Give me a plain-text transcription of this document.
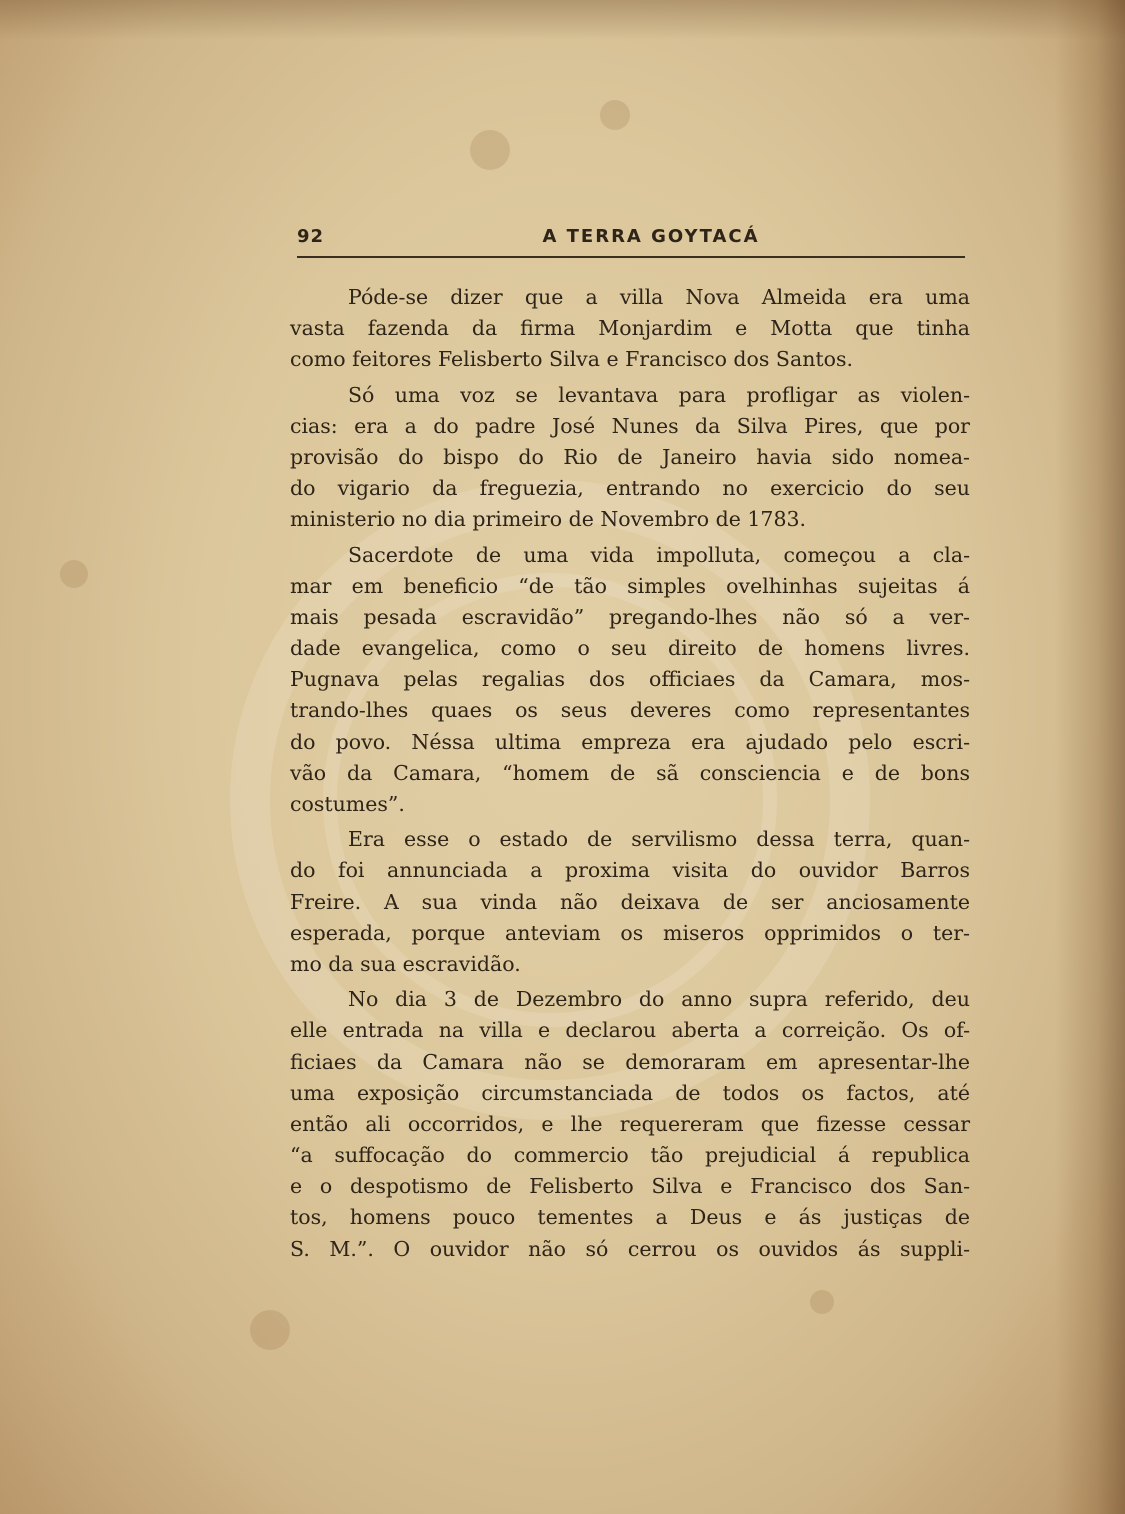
92	A TERRA GOYTACÁ
Póde-se dizer que a villa Nova Almeida era uma
vasta fazenda da firma Monjardim e Motta que tinha
como feitores Felisberto Silva e Francisco dos Santos.
Só uma voz se levantava para profligar as violen-
cias: era a do padre José Nunes da Silva Pires, que por
provisão do bispo do Rio de Janeiro havia sido nomea-
do vigario da freguezia, entrando no exercicio do seu
ministerio no dia primeiro de Novembro de 1783.
Sacerdote de uma vida impolluta, começou a cla-
mar em beneficio “de tão simples ovelhinhas sujeitas á
mais pesada escravidão” pregando-lhes não só a ver-
dade evangelica, como o seu direito de homens livres.
Pugnava pelas regalias dos officiaes da Camara, mos-
trando-lhes quaes os seus deveres como representantes
do povo. Néssa ultima empreza era ajudado pelo escri-
vão da Camara, “homem de sã consciencia e de bons
costumes”.
Era esse o estado de servilismo dessa terra, quan-
do foi annunciada a proxima visita do ouvidor Barros
Freire. A sua vinda não deixava de ser anciosamente
esperada, porque anteviam os miseros opprimidos o ter-
mo da sua escravidão.
No dia 3 de Dezembro do anno supra referido, deu
elle entrada na villa e declarou aberta a correição. Os of-
ficiaes da Camara não se demoraram em apresentar-lhe
uma exposição circumstanciada de todos os factos, até
então ali occorridos, e lhe requereram que fizesse cessar
“a suffocação do commercio tão prejudicial á republica
e o despotismo de Felisberto Silva e Francisco dos San-
tos, homens pouco tementes a Deus e ás justiças de
S. M.”. O ouvidor não só cerrou os ouvidos ás suppli-
